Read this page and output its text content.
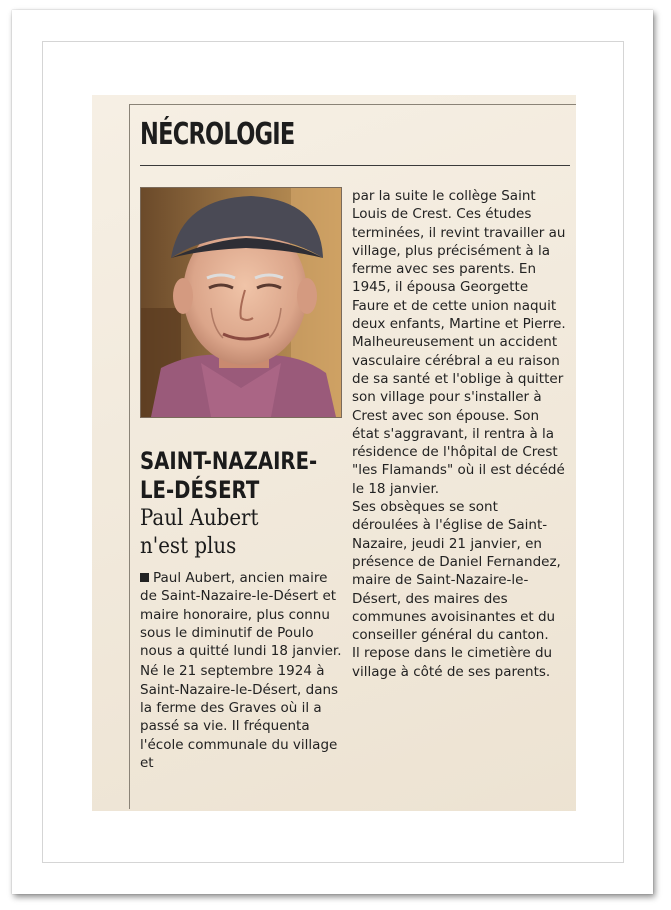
NÉCROLOGIE
SAINT-NAZAIRE-
LE-DÉSERT
Paul Aubert
n'est plus

Paul Aubert, ancien maire de Saint-Nazaire-le-Désert et maire honoraire, plus connu sous le diminutif de Poulo nous a quitté lundi 18 janvier.

Né le 21 septembre 1924 à Saint-Nazaire-le-Désert, dans la ferme des Graves où il a passé sa vie. Il fréquenta l'école communale du village et

par la suite le collège Saint Louis de Crest. Ces études terminées, il revint travailler au village, plus précisément à la ferme avec ses parents. En 1945, il épousa Georgette Faure et de cette union naquit deux enfants, Martine et Pierre. Malheureusement un accident vasculaire cérébral a eu raison de sa santé et l'oblige à quitter son village pour s'installer à Crest avec son épouse. Son état s'aggravant, il rentra à la résidence de l'hôpital de Crest "les Flamands" où il est décédé le 18 janvier.

Ses obsèques se sont déroulées à l'église de Saint-Nazaire, jeudi 21 janvier, en présence de Daniel Fernandez, maire de Saint-Nazaire-le-Désert, des maires des communes avoisinantes et du conseiller général du canton.

Il repose dans le cimetière du village à côté de ses parents.
